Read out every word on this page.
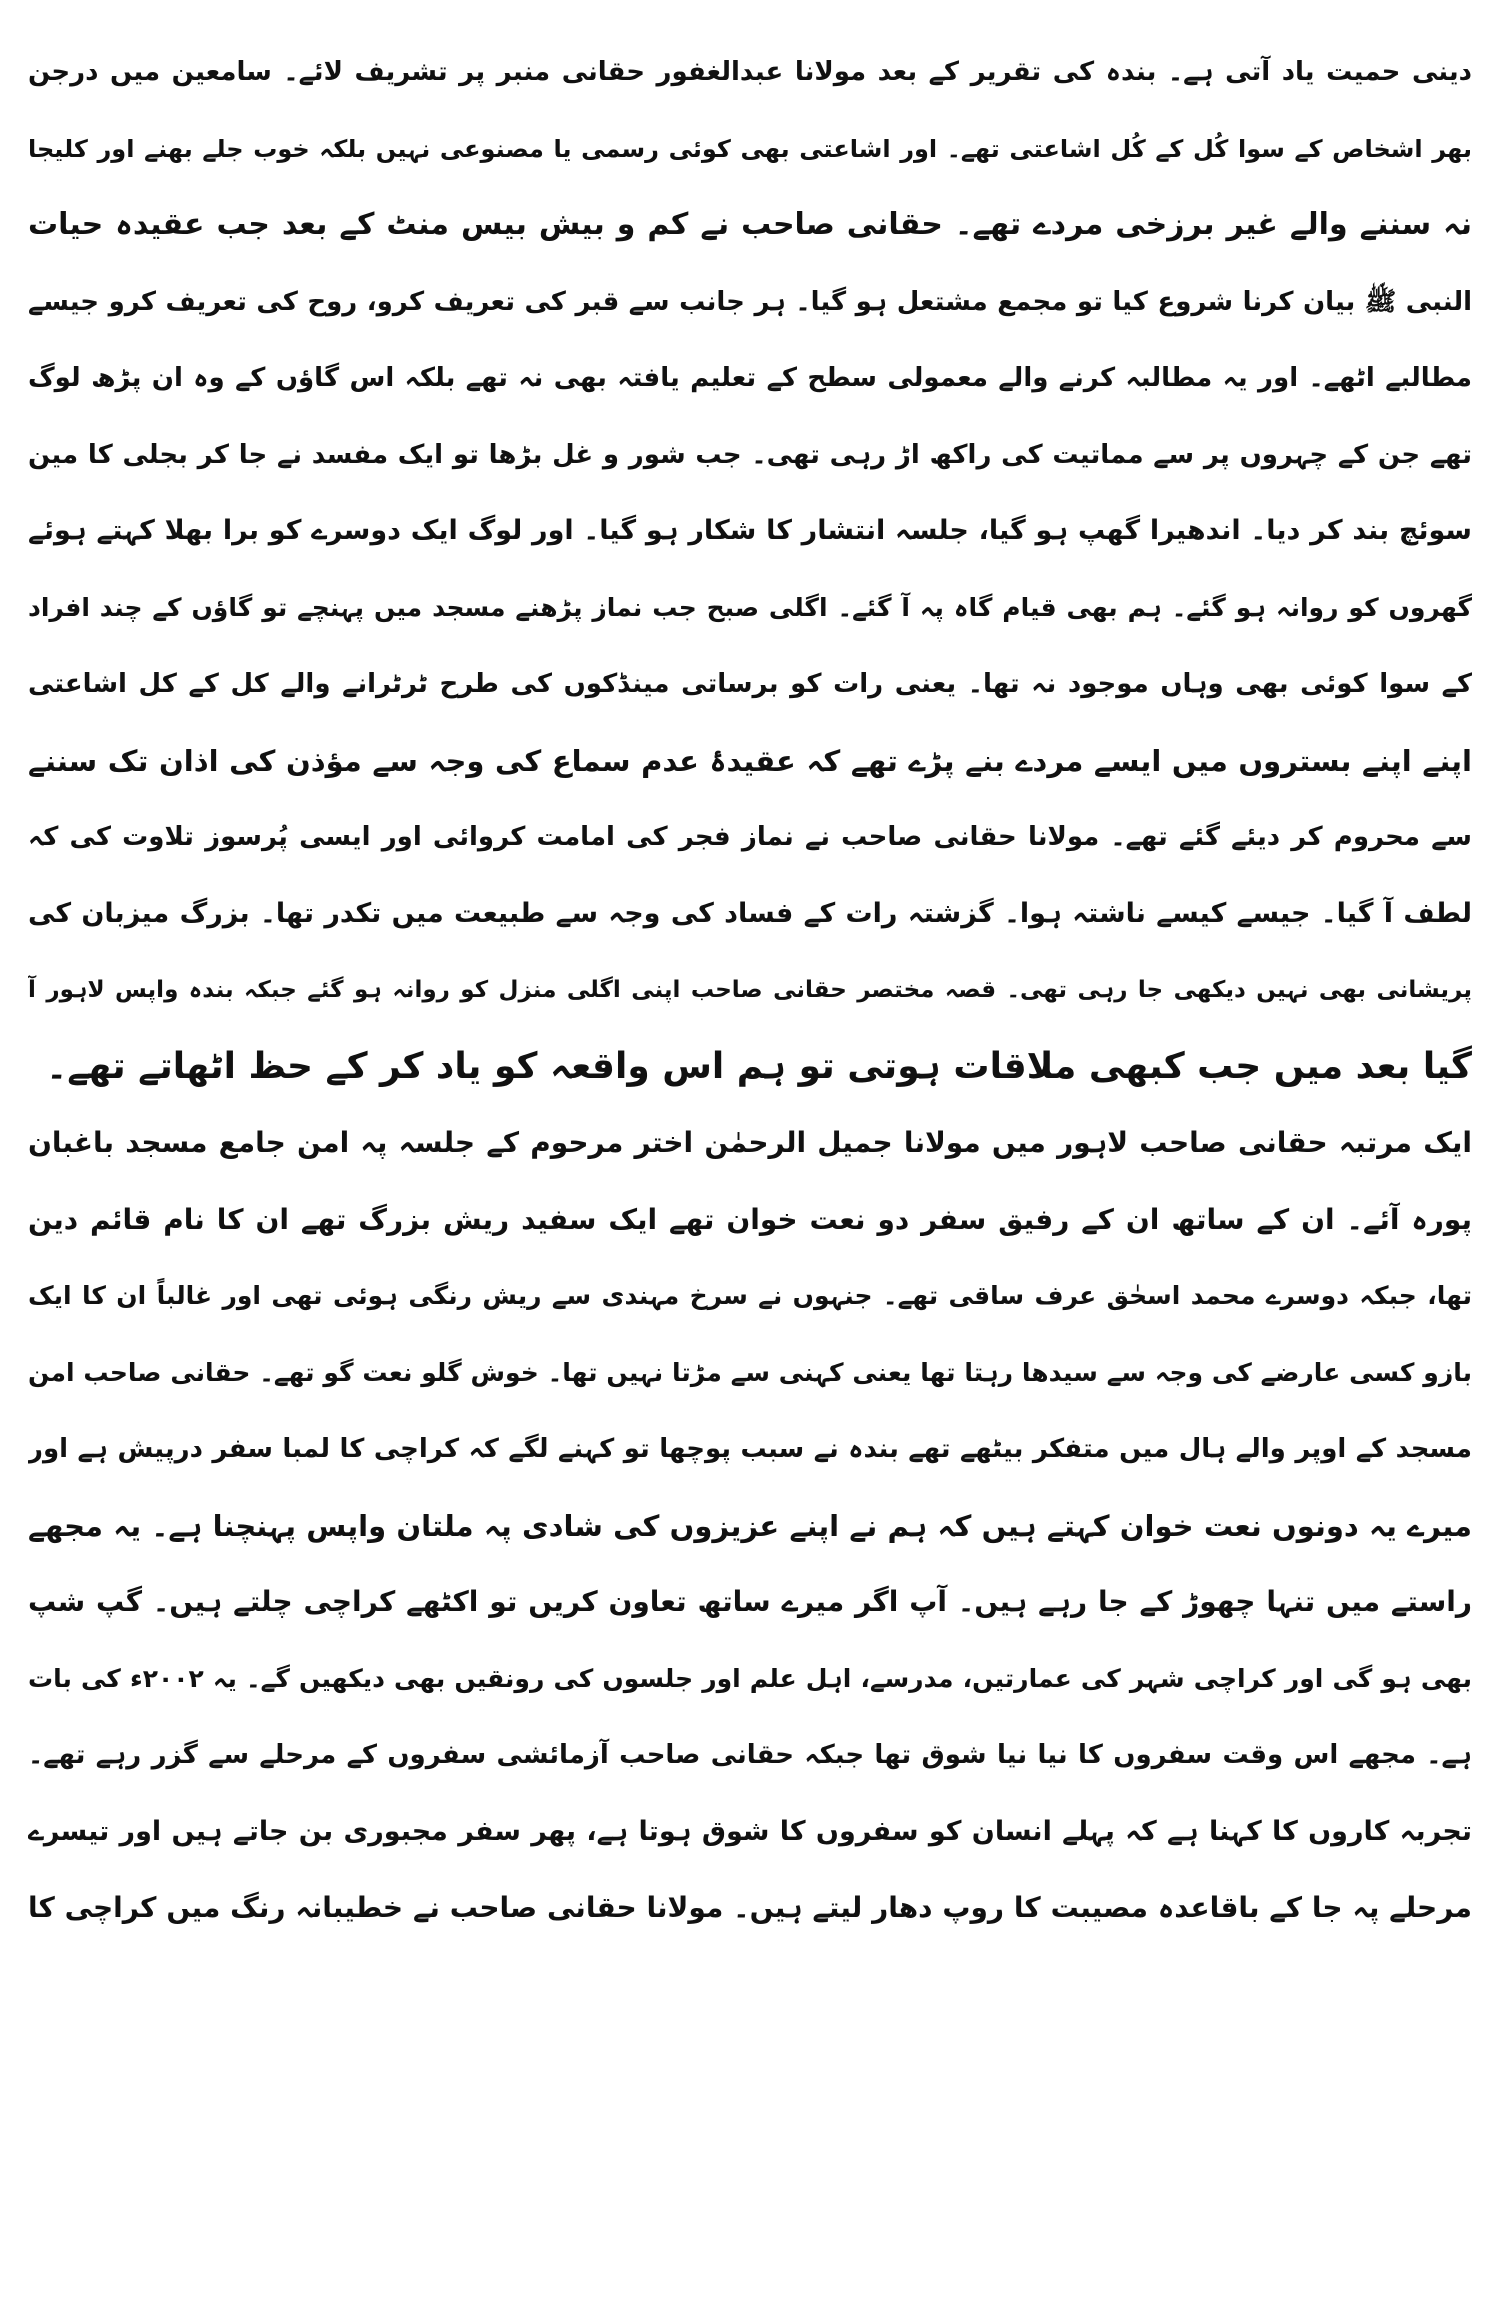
دینی حمیت یاد آتی ہے۔ بندہ کی تقریر کے بعد مولانا عبدالغفور حقانی منبر پر تشریف لائے۔ سامعین میں درجن
بھر اشخاص کے سوا کُل کے کُل اشاعتی تھے۔ اور اشاعتی بھی کوئی رسمی یا مصنوعی نہیں بلکہ خوب جلے بھنے اور کلیجا
نہ سننے والے غیر برزخی مردے تھے۔ حقانی صاحب نے کم و بیش بیس منٹ کے بعد جب عقیدہ حیات
النبی ﷺ بیان کرنا شروع کیا تو مجمع مشتعل ہو گیا۔ ہر جانب سے قبر کی تعریف کرو، روح کی تعریف کرو جیسے
مطالبے اٹھے۔ اور یہ مطالبہ کرنے والے معمولی سطح کے تعلیم یافتہ بھی نہ تھے بلکہ اس گاؤں کے وہ ان پڑھ لوگ
تھے جن کے چہروں پر سے مماتیت کی راکھ اڑ رہی تھی۔ جب شور و غل بڑھا تو ایک مفسد نے جا کر بجلی کا مین
سوئچ بند کر دیا۔ اندھیرا گھپ ہو گیا، جلسہ انتشار کا شکار ہو گیا۔ اور لوگ ایک دوسرے کو برا بھلا کہتے ہوئے
گھروں کو روانہ ہو گئے۔ ہم بھی قیام گاہ پہ آ گئے۔ اگلی صبح جب نماز پڑھنے مسجد میں پہنچے تو گاؤں کے چند افراد
کے سوا کوئی بھی وہاں موجود نہ تھا۔ یعنی رات کو برساتی مینڈکوں کی طرح ٹرٹرانے والے کل کے کل اشاعتی
اپنے اپنے بستروں میں ایسے مردے بنے پڑے تھے کہ عقیدۂ عدم سماع کی وجہ سے مؤذن کی اذان تک سننے
سے محروم کر دیئے گئے تھے۔ مولانا حقانی صاحب نے نماز فجر کی امامت کروائی اور ایسی پُرسوز تلاوت کی کہ
لطف آ گیا۔ جیسے کیسے ناشتہ ہوا۔ گزشتہ رات کے فساد کی وجہ سے طبیعت میں تکدر تھا۔ بزرگ میزبان کی
پریشانی بھی نہیں دیکھی جا رہی تھی۔ قصہ مختصر حقانی صاحب اپنی اگلی منزل کو روانہ ہو گئے جبکہ بندہ واپس لاہور آ
گیا بعد میں جب کبھی ملاقات ہوتی تو ہم اس واقعہ کو یاد کر کے حظ اٹھاتے تھے۔
ایک مرتبہ حقانی صاحب لاہور میں مولانا جمیل الرحمٰن اختر مرحوم کے جلسہ پہ امن جامع مسجد باغبان
پورہ آئے۔ ان کے ساتھ ان کے رفیق سفر دو نعت خوان تھے ایک سفید ریش بزرگ تھے ان کا نام قائم دین
تھا، جبکہ دوسرے محمد اسحٰق عرف ساقی تھے۔ جنہوں نے سرخ مہندی سے ریش رنگی ہوئی تھی اور غالباً ان کا ایک
بازو کسی عارضے کی وجہ سے سیدھا رہتا تھا یعنی کہنی سے مڑتا نہیں تھا۔ خوش گلو نعت گو تھے۔ حقانی صاحب امن
مسجد کے اوپر والے ہال میں متفکر بیٹھے تھے بندہ نے سبب پوچھا تو کہنے لگے کہ کراچی کا لمبا سفر درپیش ہے اور
میرے یہ دونوں نعت خوان کہتے ہیں کہ ہم نے اپنے عزیزوں کی شادی پہ ملتان واپس پہنچنا ہے۔ یہ مجھے
راستے میں تنہا چھوڑ کے جا رہے ہیں۔ آپ اگر میرے ساتھ تعاون کریں تو اکٹھے کراچی چلتے ہیں۔ گپ شپ
بھی ہو گی اور کراچی شہر کی عمارتیں، مدرسے، اہل علم اور جلسوں کی رونقیں بھی دیکھیں گے۔ یہ ۲۰۰۲ء کی بات
ہے۔ مجھے اس وقت سفروں کا نیا نیا شوق تھا جبکہ حقانی صاحب آزمائشی سفروں کے مرحلے سے گزر رہے تھے۔
تجربہ کاروں کا کہنا ہے کہ پہلے انسان کو سفروں کا شوق ہوتا ہے، پھر سفر مجبوری بن جاتے ہیں اور تیسرے
مرحلے پہ جا کے باقاعدہ مصیبت کا روپ دھار لیتے ہیں۔ مولانا حقانی صاحب نے خطیبانہ رنگ میں کراچی کا
